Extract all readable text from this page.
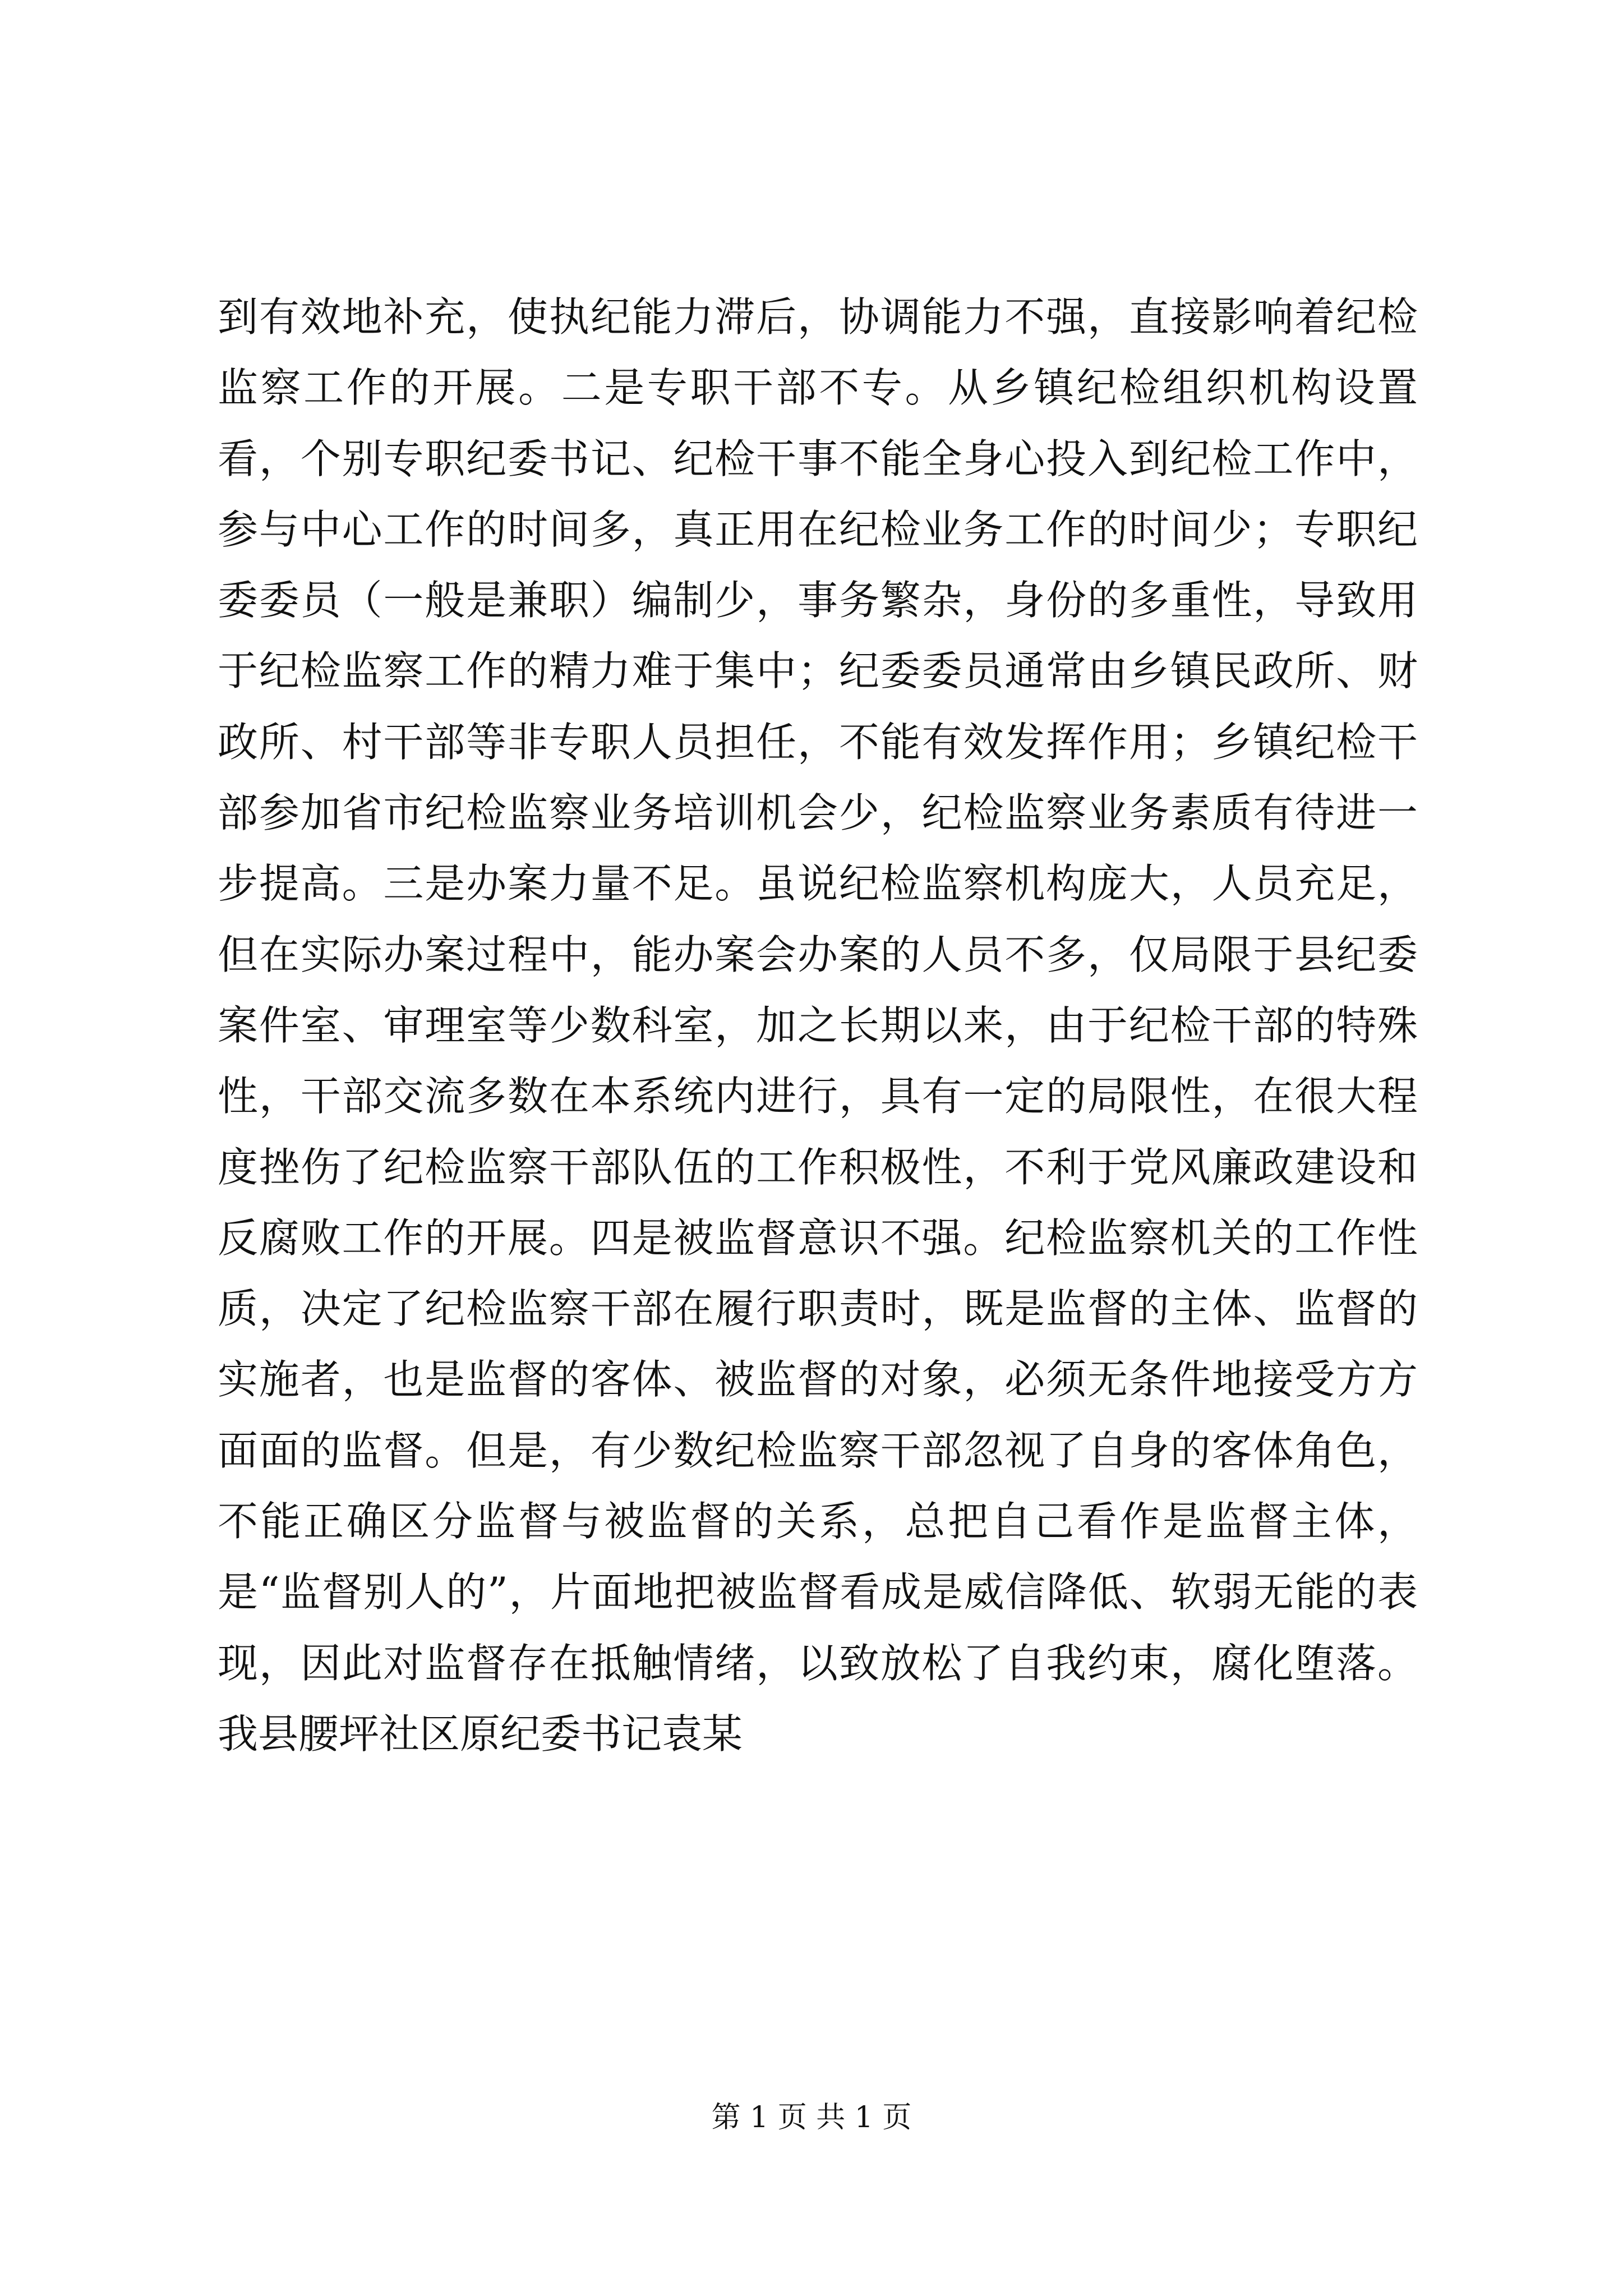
到有效地补充，使执纪能力滞后，协调能力不强，直接影响着纪检监察工作的开展。二是专职干部不专。从乡镇纪检组织机构设置看，个别专职纪委书记、纪检干事不能全身心投入到纪检工作中，参与中心工作的时间多，真正用在纪检业务工作的时间少；专职纪委委员（一般是兼职）编制少，事务繁杂，身份的多重性，导致用于纪检监察工作的精力难于集中；纪委委员通常由乡镇民政所、财政所、村干部等非专职人员担任，不能有效发挥作用；乡镇纪检干部参加省市纪检监察业务培训机会少，纪检监察业务素质有待进一步提高。三是办案力量不足。虽说纪检监察机构庞大，人员充足，但在实际办案过程中，能办案会办案的人员不多，仅局限于县纪委案件室、审理室等少数科室，加之长期以来，由于纪检干部的特殊性，干部交流多数在本系统内进行，具有一定的局限性，在很大程度挫伤了纪检监察干部队伍的工作积极性，不利于党风廉政建设和反腐败工作的开展。四是被监督意识不强。纪检监察机关的工作性质，决定了纪检监察干部在履行职责时，既是监督的主体、监督的实施者，也是监督的客体、被监督的对象，必须无条件地接受方方面面的监督。但是，有少数纪检监察干部忽视了自身的客体角色，不能正确区分监督与被监督的关系，总把自己看作是监督主体，是“监督别人的”，片面地把被监督看成是威信降低、软弱无能的表现，因此对监督存在抵触情绪，以致放松了自我约束，腐化堕落。我县腰坪社区原纪委书记袁某

第 1 页 共 1 页
